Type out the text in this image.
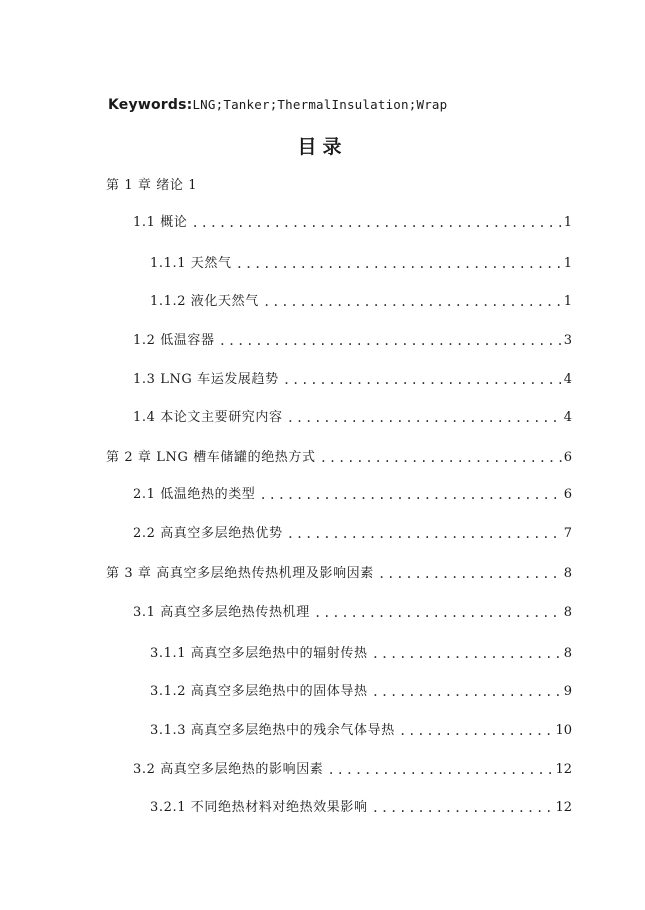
Keywords:LNG;Tanker;ThermalInsulation;Wrap
目录
第 1 章 绪论 1
1.1 概论 .....	1
1.1.1 天然气 .....	1
1.1.2 液化天然气 .....	1
1.2 低温容器 .....	3
1.3 LNG 车运发展趋势 .....	4
1.4 本论文主要研究内容 .....	4
第 2 章 LNG 槽车储罐的绝热方式 .....	6
2.1 低温绝热的类型 .....	6
2.2 高真空多层绝热优势 .....	7
第 3 章 高真空多层绝热传热机理及影响因素 .....	8
3.1 高真空多层绝热传热机理 .....	8
3.1.1 高真空多层绝热中的辐射传热 .....	8
3.1.2 高真空多层绝热中的固体导热 .....	9
3.1.3 高真空多层绝热中的残余气体导热 .....	10
3.2 高真空多层绝热的影响因素 .....	12
3.2.1 不同绝热材料对绝热效果影响 .....	12
